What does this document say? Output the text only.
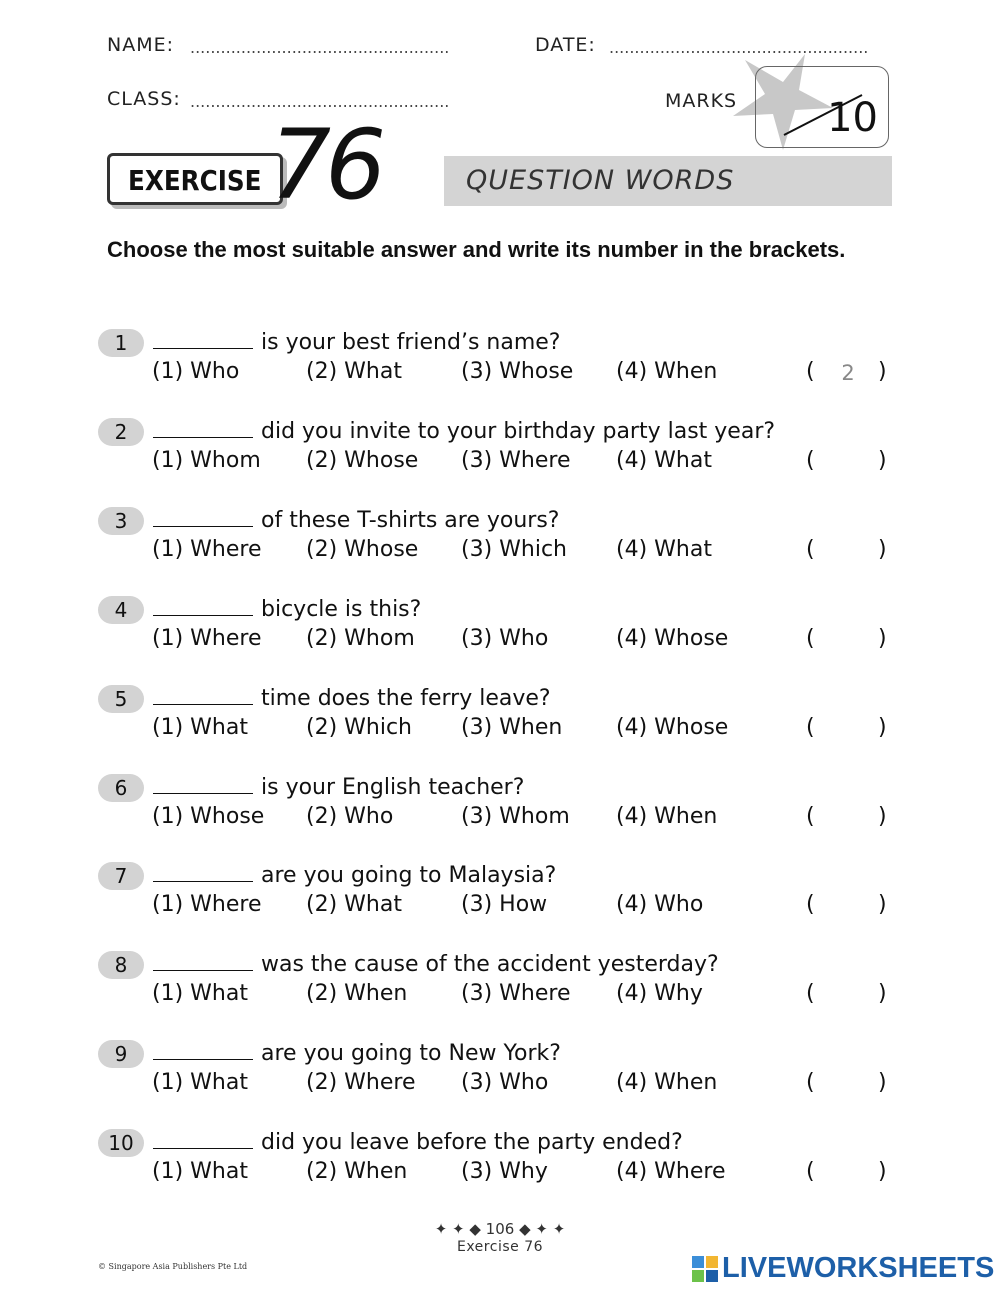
NAME: ...................................................	DATE: ...................................................
CLASS: ...................................................	MARKS 10
EXERCISE 76	QUESTION WORDS
Choose the most suitable answer and write its number in the brackets.
1	is your best friend’s name?
(1) Who	(2) What	(3) Whose (4) When	( 2 )
2	did you invite to your birthday party last year?
(1) Whom (2) Whose (3) Where (4) What	(	)
3	of these T-shirts are yours?
(1) Where (2) Whose (3) Which (4) What	(	)
4	bicycle is this?
(1) Where (2) Whom (3) Who	(4) Whose	(	)
5	time does the ferry leave?
(1) What	(2) Which (3) When (4) Whose	(	)
6	is your English teacher?
(1) Whose (2) Who	(3) Whom (4) When	(	)
7	are you going to Malaysia?
(1) Where (2) What	(3) How	(4) Who	(	)
8	was the cause of the accident yesterday?
(1) What	(2) When (3) Where (4) Why	(	)
9	are you going to New York?
(1) What	(2) Where (3) Who	(4) When	(	)
10	did you leave before the party ended?
(1) What	(2) When (3) Why	(4) Where	(	)
✦ ✦ ◆ 106 ◆ ✦ ✦
Exercise 76
© Singapore Asia Publishers Pte Ltd	LIVEWORKSHEETS
